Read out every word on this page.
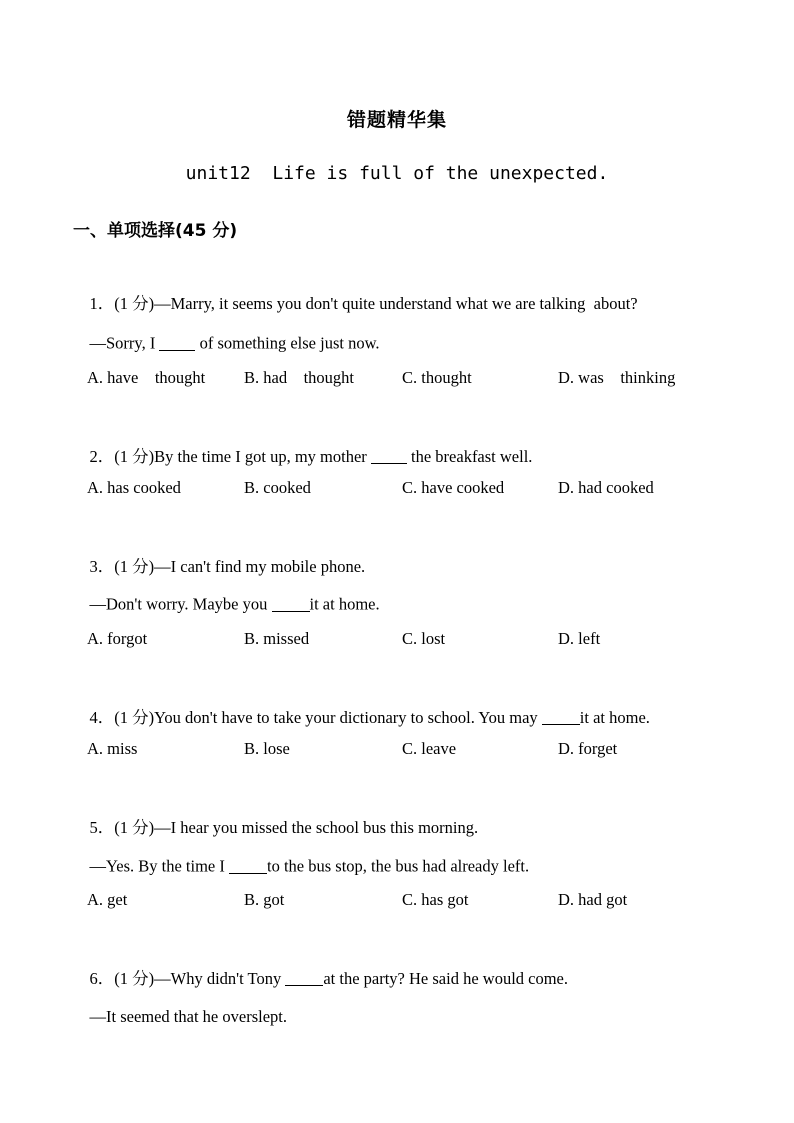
错题精华集
unit12  Life is full of the unexpected.
一、单项选择(45 分)

1．(1 分)—Marry, it seems you don't quite understand what we are talking  about?

—Sorry, I  of something else just now.

A. have    thought B. had    thought	C. thought	D. was    thinking

2．(1 分)By the time I got up, my mother  the breakfast well.

A. has cooked	B. cooked	C. have cooked	D. had cooked

3．(1 分)—I can't find my mobile phone.

—Don't worry. Maybe you it at home.

A. forgot	B. missed	C. lost	D. left

4．(1 分)You don't have to take your dictionary to school. You may it at home.

A. miss	B. lose	C. leave	D. forget

5．(1 分)—I hear you missed the school bus this morning.

—Yes. By the time I to the bus stop, the bus had already left.

A. get	B. got	C. has got	D. had got

6．(1 分)—Why didn't Tony at the party? He said he would come.

—It seemed that he overslept.
